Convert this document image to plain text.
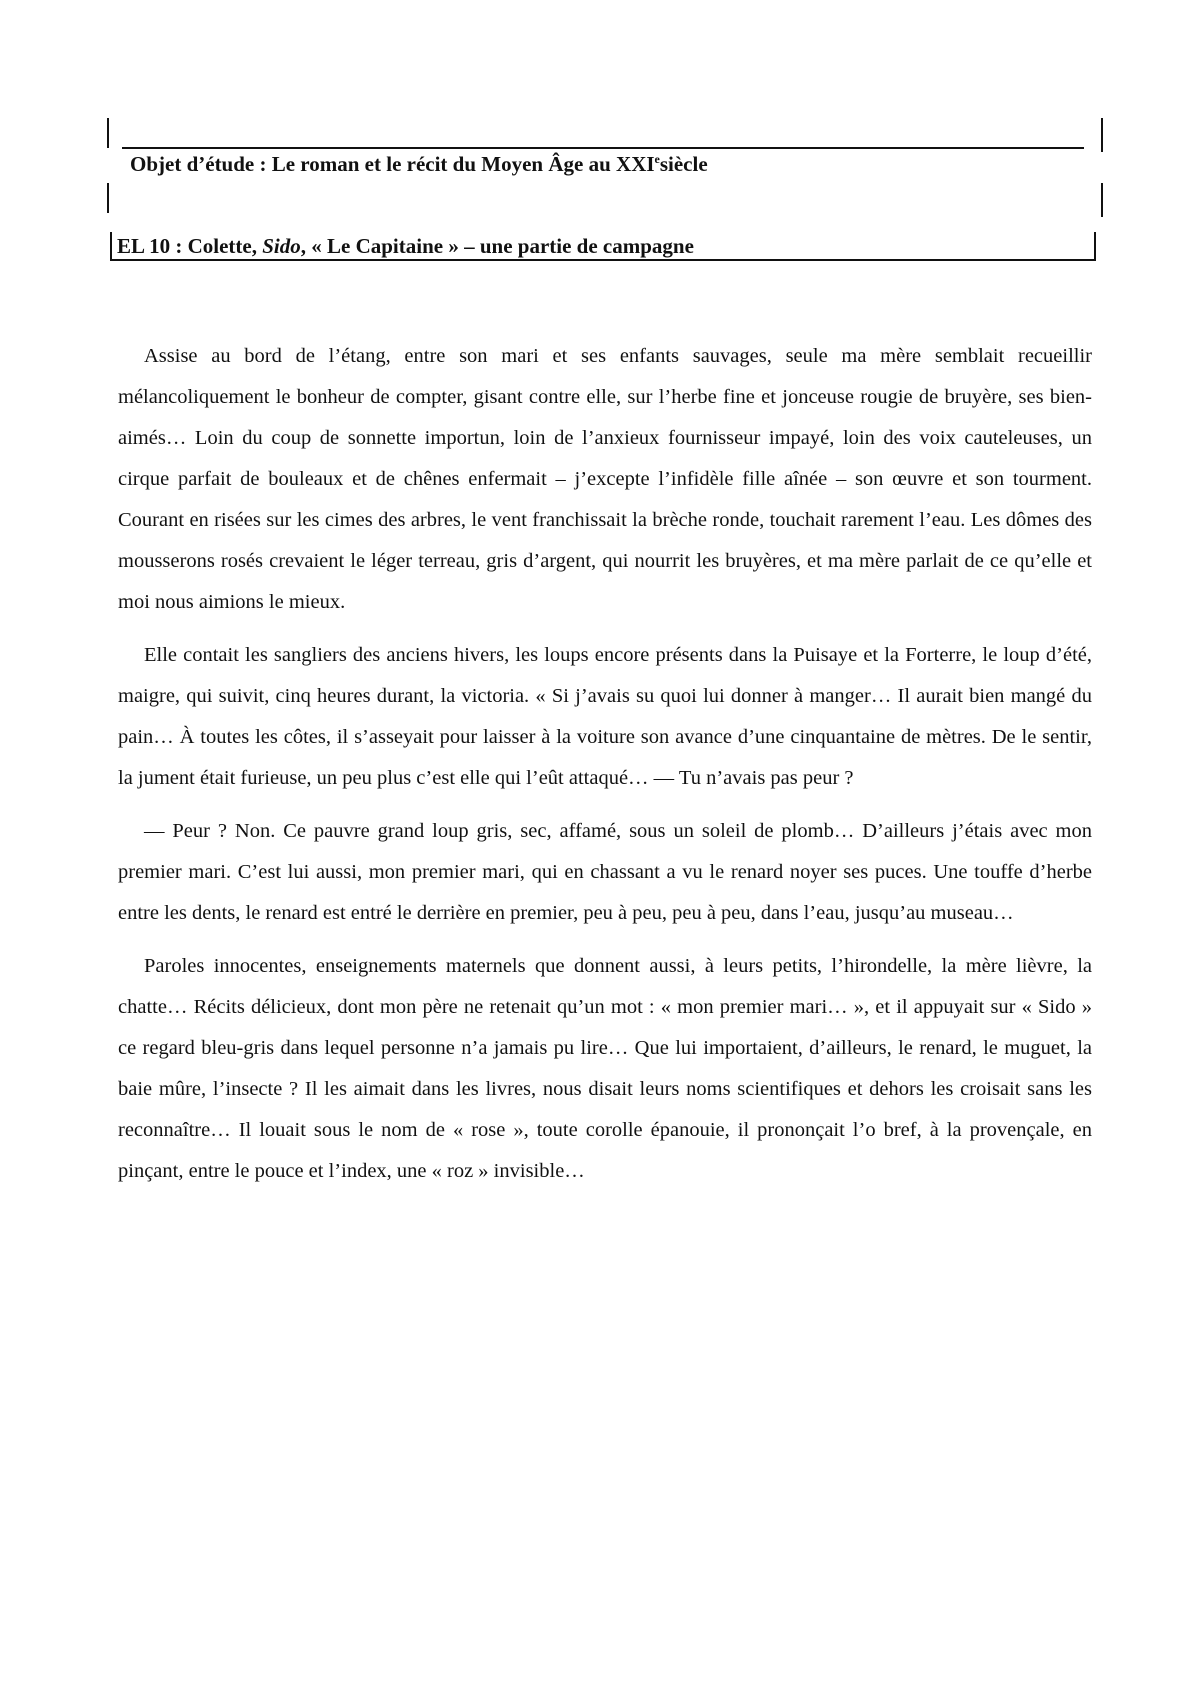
Objet d’étude : Le roman et le récit du Moyen Âge au XXIesiècle
EL 10 : Colette, Sido, « Le Capitaine » – une partie de campagne

Assise au bord de l’étang, entre son mari et ses enfants sauvages, seule ma mère semblait recueillir mélancoliquement le bonheur de compter, gisant contre elle, sur l’herbe fine et jonceuse rougie de bruyère, ses bien-aimés… Loin du coup de sonnette importun, loin de l’anxieux fournisseur impayé, loin des voix cauteleuses, un cirque parfait de bouleaux et de chênes enfermait – j’excepte l’infidèle fille aînée – son œuvre et son tourment. Courant en risées sur les cimes des arbres, le vent franchissait la brèche ronde, touchait rarement l’eau. Les dômes des mousserons rosés crevaient le léger terreau, gris d’argent, qui nourrit les bruyères, et ma mère parlait de ce qu’elle et moi nous aimions le mieux.

Elle contait les sangliers des anciens hivers, les loups encore présents dans la Puisaye et la Forterre, le loup d’été, maigre, qui suivit, cinq heures durant, la victoria. « Si j’avais su quoi lui donner à manger… Il aurait bien mangé du pain… À toutes les côtes, il s’asseyait pour laisser à la voiture son avance d’une cinquantaine de mètres. De le sentir, la jument était furieuse, un peu plus c’est elle qui l’eût attaqué… — Tu n’avais pas peur ?

— Peur ? Non. Ce pauvre grand loup gris, sec, affamé, sous un soleil de plomb… D’ailleurs j’étais avec mon premier mari. C’est lui aussi, mon premier mari, qui en chassant a vu le renard noyer ses puces. Une touffe d’herbe entre les dents, le renard est entré le derrière en premier, peu à peu, peu à peu, dans l’eau, jusqu’au museau…

Paroles innocentes, enseignements maternels que donnent aussi, à leurs petits, l’hirondelle, la mère lièvre, la chatte… Récits délicieux, dont mon père ne retenait qu’un mot : « mon premier mari… », et il appuyait sur « Sido » ce regard bleu-gris dans lequel personne n’a jamais pu lire… Que lui importaient, d’ailleurs, le renard, le muguet, la baie mûre, l’insecte ? Il les aimait dans les livres, nous disait leurs noms scientifiques et dehors les croisait sans les reconnaître… Il louait sous le nom de « rose », toute corolle épanouie, il prononçait l’o bref, à la provençale, en pinçant, entre le pouce et l’index, une « roz » invisible…
